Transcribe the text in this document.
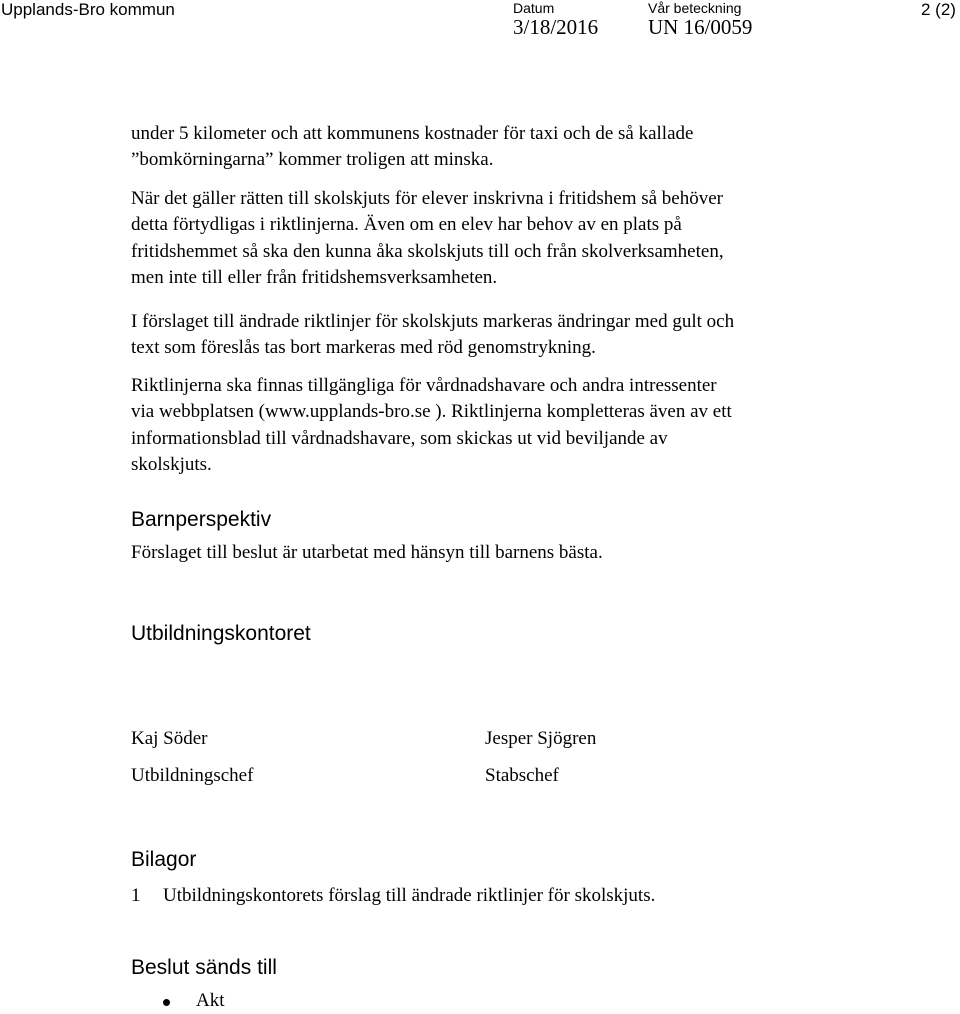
Upplands-Bro kommun	Datum
3/18/2016
Vår beteckning
UN 16/0059
2 (2)
under 5 kilometer och att kommunens kostnader för taxi och de så kallade
”bomkörningarna” kommer troligen att minska.
När det gäller rätten till skolskjuts för elever inskrivna i fritidshem så behöver
detta förtydligas i riktlinjerna. Även om en elev har behov av en plats på
fritidshemmet så ska den kunna åka skolskjuts till och från skolverksamheten,
men inte till eller från fritidshemsverksamheten.
I förslaget till ändrade riktlinjer för skolskjuts markeras ändringar med gult och
text som föreslås tas bort markeras med röd genomstrykning.
Riktlinjerna ska finnas tillgängliga för vårdnadshavare och andra intressenter
via webbplatsen (www.upplands-bro.se ). Riktlinjerna kompletteras även av ett
informationsblad till vårdnadshavare, som skickas ut vid beviljande av
skolskjuts.
Barnperspektiv
Förslaget till beslut är utarbetat med hänsyn till barnens bästa.
Utbildningskontoret
Kaj Söder
Utbildningschef
Jesper Sjögren
Stabschef
Bilagor
1 Utbildningskontorets förslag till ändrade riktlinjer för skolskjuts.
Beslut sänds till
Akt
